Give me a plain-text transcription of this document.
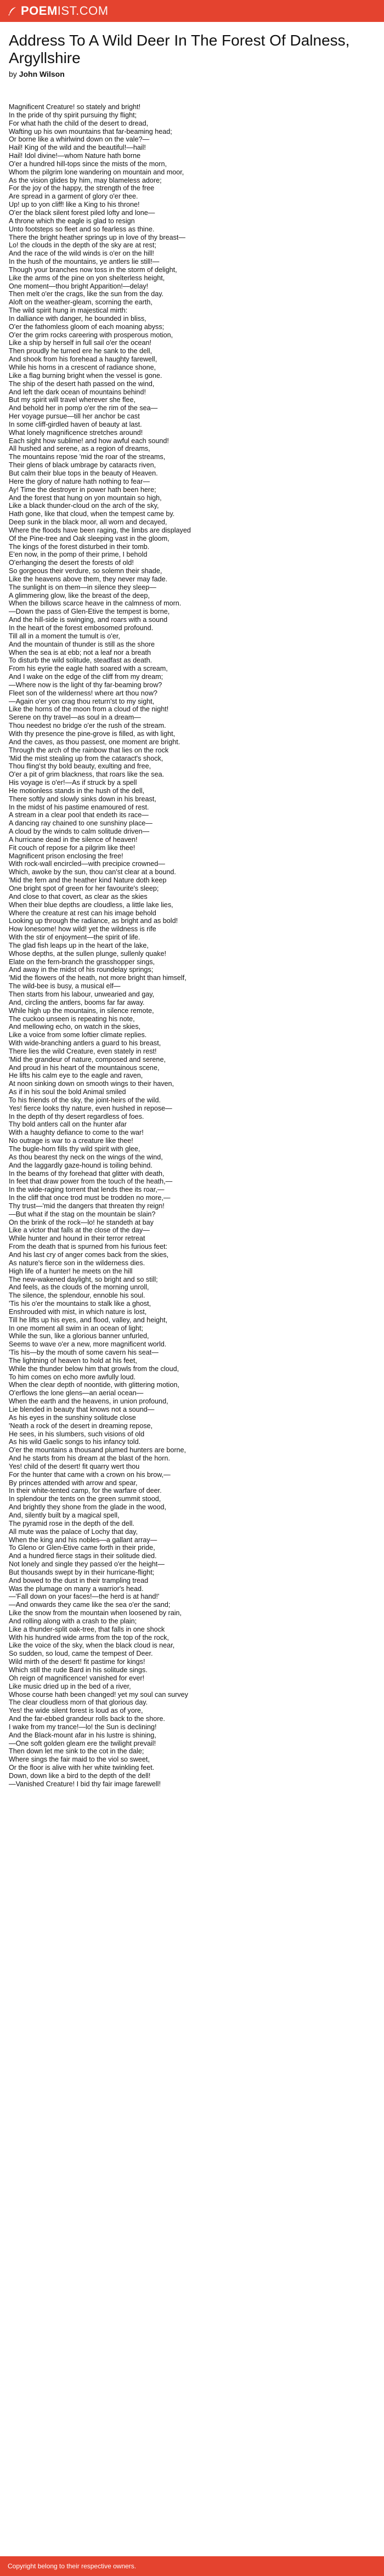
POEM IST.COM
Address To A Wild Deer In The Forest Of Dalness, Argyllshire
by John Wilson
Magnificent Creature! so stately and bright!
In the pride of thy spirit pursuing thy flight;
For what hath the child of the desert to dread,
Wafting up his own mountains that far-beaming head;
Or borne like a whirlwind down on the vale?—
Hail! King of the wild and the beautiful!—hail!
Hail! Idol divine!—whom Nature hath borne
O'er a hundred hill-tops since the mists of the morn,
Whom the pilgrim lone wandering on mountain and moor,
As the vision glides by him, may blameless adore;
For the joy of the happy, the strength of the free
Are spread in a garment of glory o'er thee.
Up! up to yon cliff! like a King to his throne!
O'er the black silent forest piled lofty and lone—
A throne which the eagle is glad to resign
Unto footsteps so fleet and so fearless as thine.
There the bright heather springs up in love of thy breast—
Lo! the clouds in the depth of the sky are at rest;
And the race of the wild winds is o'er on the hill!
In the hush of the mountains, ye antlers lie still!—
Though your branches now toss in the storm of delight,
Like the arms of the pine on yon shelterless height,
One moment—thou bright Apparition!—delay!
Then melt o'er the crags, like the sun from the day.
Aloft on the weather-gleam, scorning the earth,
The wild spirit hung in majestical mirth:
In dalliance with danger, he bounded in bliss,
O'er the fathomless gloom of each moaning abyss;
O'er the grim rocks careering with prosperous motion,
Like a ship by herself in full sail o'er the ocean!
Then proudly he turned ere he sank to the dell,
And shook from his forehead a haughty farewell,
While his horns in a crescent of radiance shone,
Like a flag burning bright when the vessel is gone.
The ship of the desert hath passed on the wind,
And left the dark ocean of mountains behind!
But my spirit will travel wherever she flee,
And behold her in pomp o'er the rim of the sea—
Her voyage pursue—till her anchor be cast
In some cliff-girdled haven of beauty at last.
What lonely magnificence stretches around!
Each sight how sublime! and how awful each sound!
All hushed and serene, as a region of dreams,
The mountains repose 'mid the roar of the streams,
Their glens of black umbrage by cataracts riven,
But calm their blue tops in the beauty of Heaven.
Here the glory of nature hath nothing to fear—
Ay! Time the destroyer in power hath been here;
And the forest that hung on yon mountain so high,
Like a black thunder-cloud on the arch of the sky,
Hath gone, like that cloud, when the tempest came by.
Deep sunk in the black moor, all worn and decayed,
Where the floods have been raging, the limbs are displayed
Of the Pine-tree and Oak sleeping vast in the gloom,
The kings of the forest disturbed in their tomb.
E'en now, in the pomp of their prime, I behold
O'erhanging the desert the forests of old!
So gorgeous their verdure, so solemn their shade,
Like the heavens above them, they never may fade.
The sunlight is on them—in silence they sleep—
A glimmering glow, like the breast of the deep,
When the billows scarce heave in the calmness of morn.
—Down the pass of Glen-Etive the tempest is borne,
And the hill-side is swinging, and roars with a sound
In the heart of the forest embosomed profound.
Till all in a moment the tumult is o'er,
And the mountain of thunder is still as the shore
When the sea is at ebb; not a leaf nor a breath
To disturb the wild solitude, steadfast as death.
From his eyrie the eagle hath soared with a scream,
And I wake on the edge of the cliff from my dream;
—Where now is the light of thy far-beaming brow?
Fleet son of the wilderness! where art thou now?
—Again o'er yon crag thou return'st to my sight,
Like the horns of the moon from a cloud of the night!
Serene on thy travel—as soul in a dream—
Thou needest no bridge o'er the rush of the stream.
With thy presence the pine-grove is filled, as with light,
And the caves, as thou passest, one moment are bright.
Through the arch of the rainbow that lies on the rock
'Mid the mist stealing up from the cataract's shock,
Thou fling'st thy bold beauty, exulting and free,
O'er a pit of grim blackness, that roars like the sea.
His voyage is o'er!—As if struck by a spell
He motionless stands in the hush of the dell,
There softly and slowly sinks down in his breast,
In the midst of his pastime enamoured of rest.
A stream in a clear pool that endeth its race—
A dancing ray chained to one sunshiny place—
A cloud by the winds to calm solitude driven—
A hurricane dead in the silence of heaven!
Fit couch of repose for a pilgrim like thee!
Magnificent prison enclosing the free!
With rock-wall encircled—with precipice crowned—
Which, awoke by the sun, thou can'st clear at a bound.
'Mid the fern and the heather kind Nature doth keep
One bright spot of green for her favourite's sleep;
And close to that covert, as clear as the skies
When their blue depths are cloudless, a little lake lies,
Where the creature at rest can his image behold
Looking up through the radiance, as bright and as bold!
How lonesome! how wild! yet the wildness is rife
With the stir of enjoyment—the spirit of life.
The glad fish leaps up in the heart of the lake,
Whose depths, at the sullen plunge, sullenly quake!
Elate on the fern-branch the grasshopper sings,
And away in the midst of his roundelay springs;
'Mid the flowers of the heath, not more bright than himself,
The wild-bee is busy, a musical elf—
Then starts from his labour, unwearied and gay,
And, circling the antlers, booms far far away.
While high up the mountains, in silence remote,
The cuckoo unseen is repeating his note,
And mellowing echo, on watch in the skies,
Like a voice from some loftier climate replies.
With wide-branching antlers a guard to his breast,
There lies the wild Creature, even stately in rest!
'Mid the grandeur of nature, composed and serene,
And proud in his heart of the mountainous scene,
He lifts his calm eye to the eagle and raven,
At noon sinking down on smooth wings to their haven,
As if in his soul the bold Animal smiled
To his friends of the sky, the joint-heirs of the wild.
Yes! fierce looks thy nature, even hushed in repose—
In the depth of thy desert regardless of foes.
Thy bold antlers call on the hunter afar
With a haughty defiance to come to the war!
No outrage is war to a creature like thee!
The bugle-horn fills thy wild spirit with glee,
As thou bearest thy neck on the wings of the wind,
And the laggardly gaze-hound is toiling behind.
In the beams of thy forehead that glitter with death,
In feet that draw power from the touch of the heath,—
In the wide-raging torrent that lends thee its roar,—
In the cliff that once trod must be trodden no more,—
Thy trust—'mid the dangers that threaten thy reign!
—But what if the stag on the mountain be slain?
On the brink of the rock—lo! he standeth at bay
Like a victor that falls at the close of the day—
While hunter and hound in their terror retreat
From the death that is spurned from his furious feet:
And his last cry of anger comes back from the skies,
As nature's fierce son in the wilderness dies.
High life of a hunter! he meets on the hill
The new-wakened daylight, so bright and so still;
And feels, as the clouds of the morning unroll,
The silence, the splendour, ennoble his soul.
'Tis his o'er the mountains to stalk like a ghost,
Enshrouded with mist, in which nature is lost,
Till he lifts up his eyes, and flood, valley, and height,
In one moment all swim in an ocean of light;
While the sun, like a glorious banner unfurled,
Seems to wave o'er a new, more magnificent world.
'Tis his—by the mouth of some cavern his seat—
The lightning of heaven to hold at his feet,
While the thunder below him that growls from the cloud,
To him comes on echo more awfully loud.
When the clear depth of noontide, with glittering motion,
O'erflows the lone glens—an aerial ocean—
When the earth and the heavens, in union profound,
Lie blended in beauty that knows not a sound—
As his eyes in the sunshiny solitude close
'Neath a rock of the desert in dreaming repose,
He sees, in his slumbers, such visions of old
As his wild Gaelic songs to his infancy told.
O'er the mountains a thousand plumed hunters are borne,
And he starts from his dream at the blast of the horn.
Yes! child of the desert! fit quarry wert thou
For the hunter that came with a crown on his brow,—
By princes attended with arrow and spear,
In their white-tented camp, for the warfare of deer.
In splendour the tents on the green summit stood,
And brightly they shone from the glade in the wood,
And, silently built by a magical spell,
The pyramid rose in the depth of the dell.
All mute was the palace of Lochy that day,
When the king and his nobles—a gallant array—
To Gleno or Glen-Etive came forth in their pride,
And a hundred fierce stags in their solitude died.
Not lonely and single they passed o'er the height—
But thousands swept by in their hurricane-flight;
And bowed to the dust in their trampling tread
Was the plumage on many a warrior's head.
—'Fall down on your faces!—the herd is at hand!'
—And onwards they came like the sea o'er the sand;
Like the snow from the mountain when loosened by rain,
And rolling along with a crash to the plain;
Like a thunder-split oak-tree, that falls in one shock
With his hundred wide arms from the top of the rock,
Like the voice of the sky, when the black cloud is near,
So sudden, so loud, came the tempest of Deer.
Wild mirth of the desert! fit pastime for kings!
Which still the rude Bard in his solitude sings.
Oh reign of magnificence! vanished for ever!
Like music dried up in the bed of a river,
Whose course hath been changed! yet my soul can survey
The clear cloudless morn of that glorious day.
Yes! the wide silent forest is loud as of yore,
And the far-ebbed grandeur rolls back to the shore.
I wake from my trance!—lo! the Sun is declining!
And the Black-mount afar in his lustre is shining,
—One soft golden gleam ere the twilight prevail!
Then down let me sink to the cot in the dale;
Where sings the fair maid to the viol so sweet,
Or the floor is alive with her white twinkling feet.
Down, down like a bird to the depth of the dell!
—Vanished Creature! I bid thy fair image farewell!
Copyright belong to their respective owners.
